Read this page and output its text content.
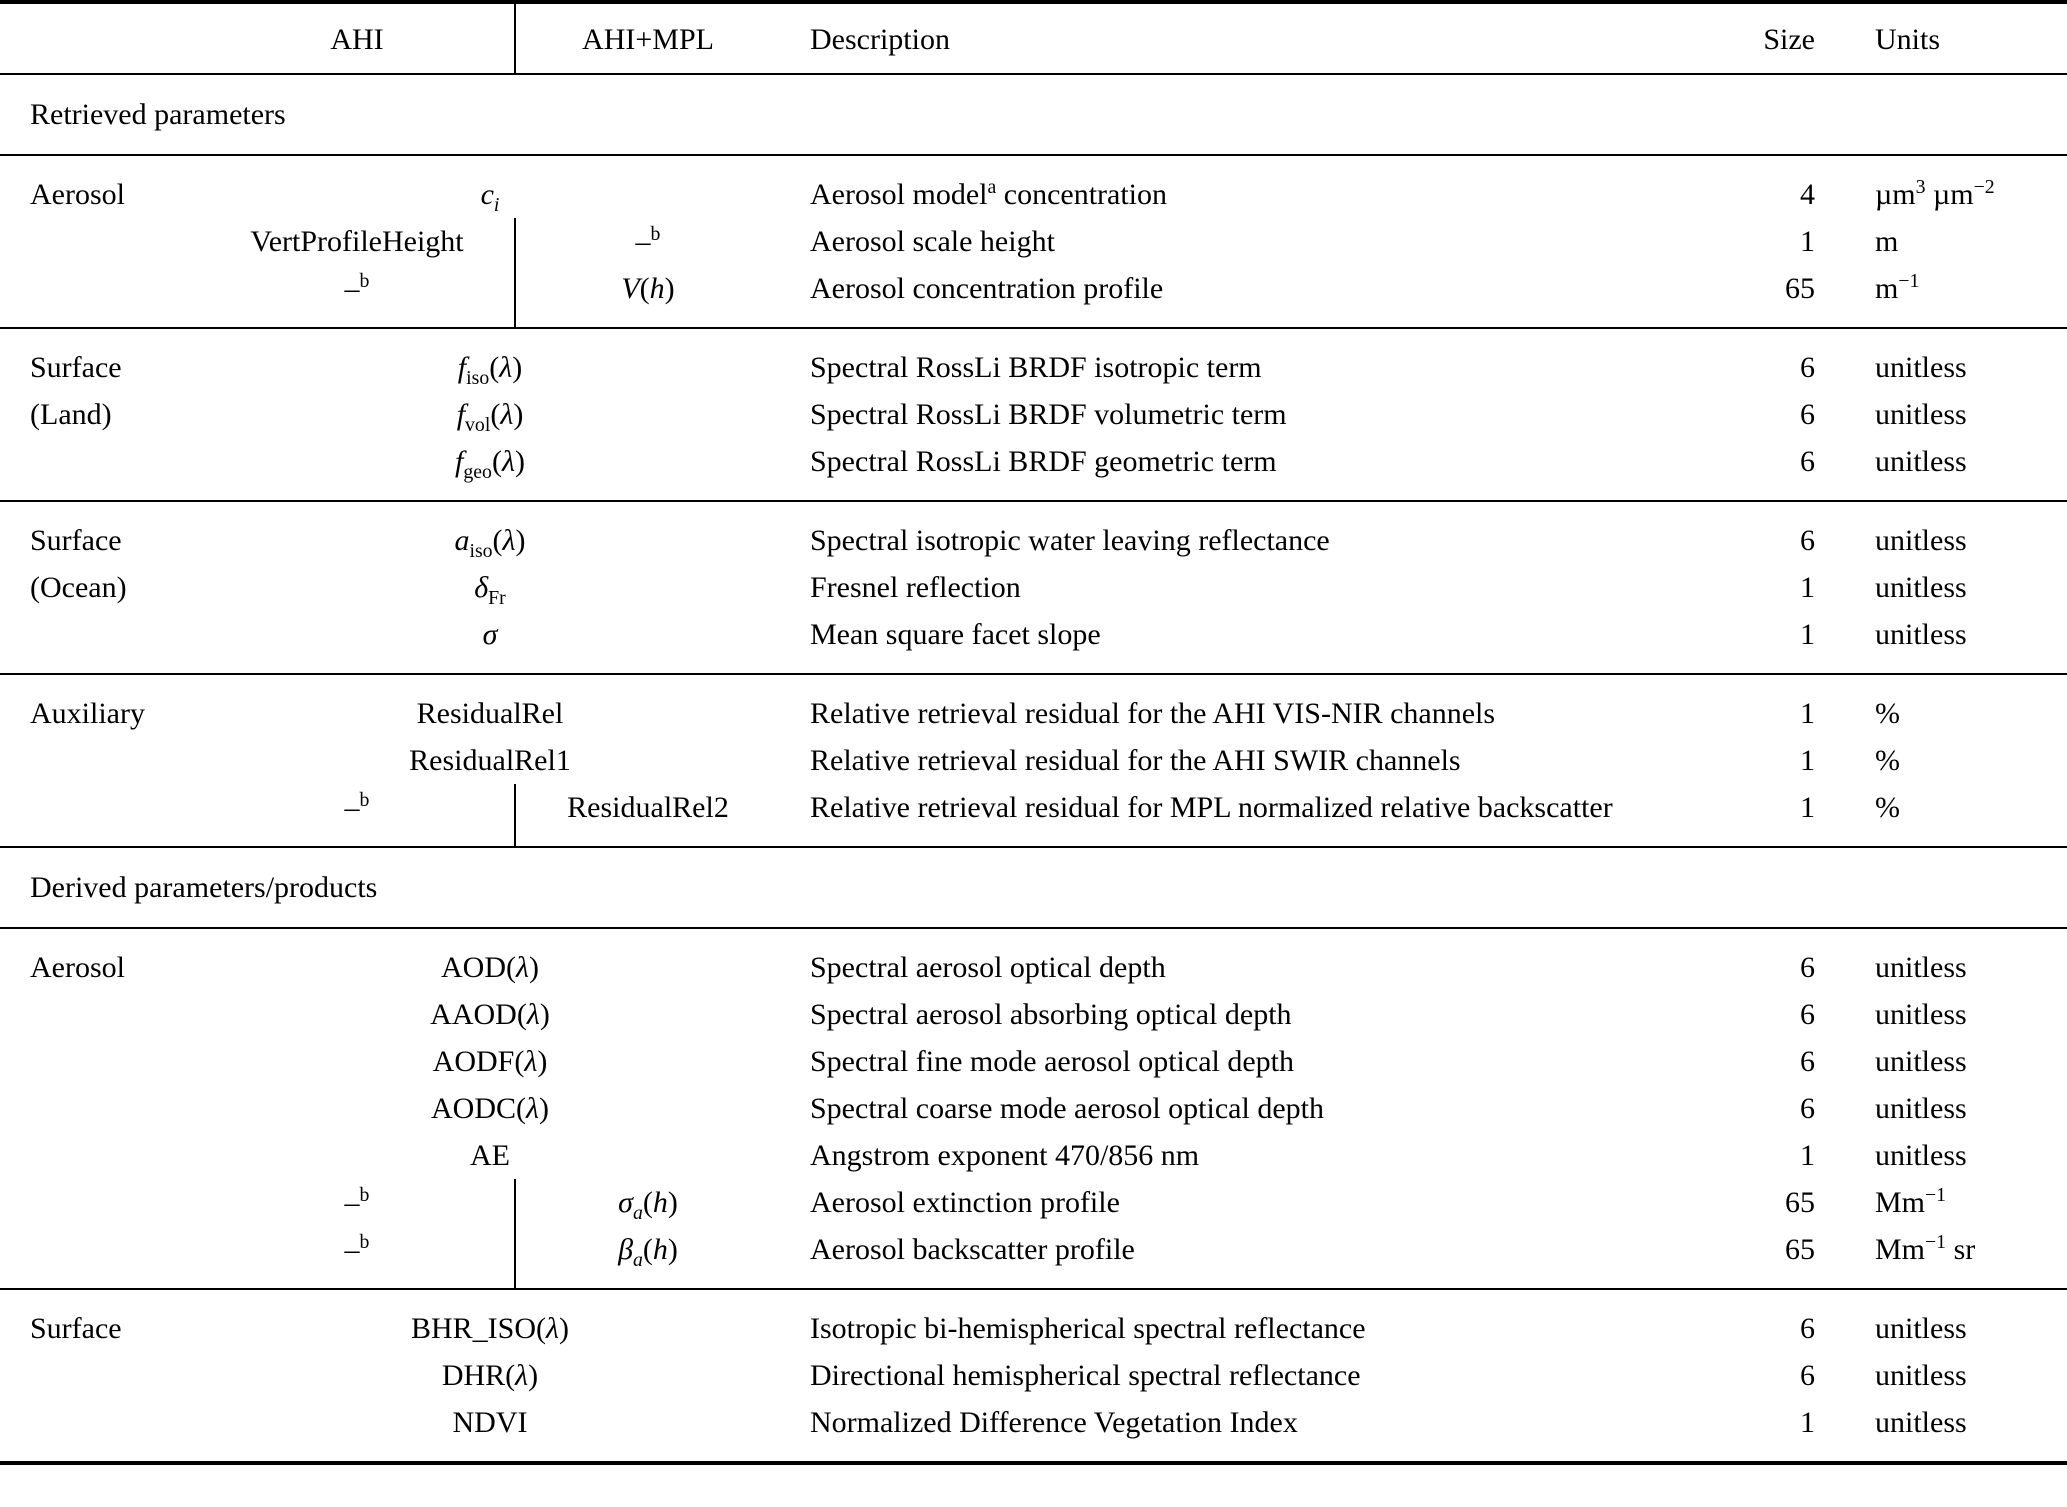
	AHI	AHI+MPL	Description	Size	Units
Retrieved parameters					
Aerosol	$c_i$		Aerosol model$^a$ concentration	4	µm$^3$ µm$^{-2}$
	VertProfileHeight	–$^b$	Aerosol scale height	1	m
	–$^b$	V(h)	Aerosol concentration profile	65	$m^{-1}$
Surface	$f_{iso}(\lambda)$		Spectral RossLi BRDF isotropic term	6	unitless
(Land)	$f_{vol}(\lambda)$		Spectral RossLi BRDF volumetric term	6	unitless
	$f_{geo}(\lambda)$		Spectral RossLi BRDF geometric term	6	unitless
Surface	$a_{iso}(\lambda)$		Spectral isotropic water leaving reflectance	6	unitless
(Ocean)	$\delta_{Fr}$		Fresnel reflection	1	unitless
	σ		Mean square facet slope	1	unitless
Auxiliary	ResidualRel		Relative retrieval residual for the AHI VIS-NIR channels	1	%
	ResidualRel1		Relative retrieval residual for the AHI SWIR channels	1	%
	–$^b$	ResidualRel2	Relative retrieval residual for MPL normalized relative backscatter	1	%
Derived parameters/products					
Aerosol	AOD(λ)		Spectral aerosol optical depth	6	unitless
	AAOD(λ)		Spectral aerosol absorbing optical depth	6	unitless
	AODF(λ)		Spectral fine mode aerosol optical depth	6	unitless
	AODC(λ)		Spectral coarse mode aerosol optical depth	6	unitless
	AE		Angstrom exponent 470/856 nm	1	unitless
	–$^b$	$\sigma_a(h)$	Aerosol extinction profile	65	$Mm^{-1}$
	–$^b$	$\beta_a(h)$	Aerosol backscatter profile	65	$Mm^{-1}$ sr
Surface	BHR_ISO(λ)		Isotropic bi-hemispherical spectral reflectance	6	unitless
	DHR(λ)		Directional hemispherical spectral reflectance	6	unitless
	NDVI		Normalized Difference Vegetation Index	1	unitless
